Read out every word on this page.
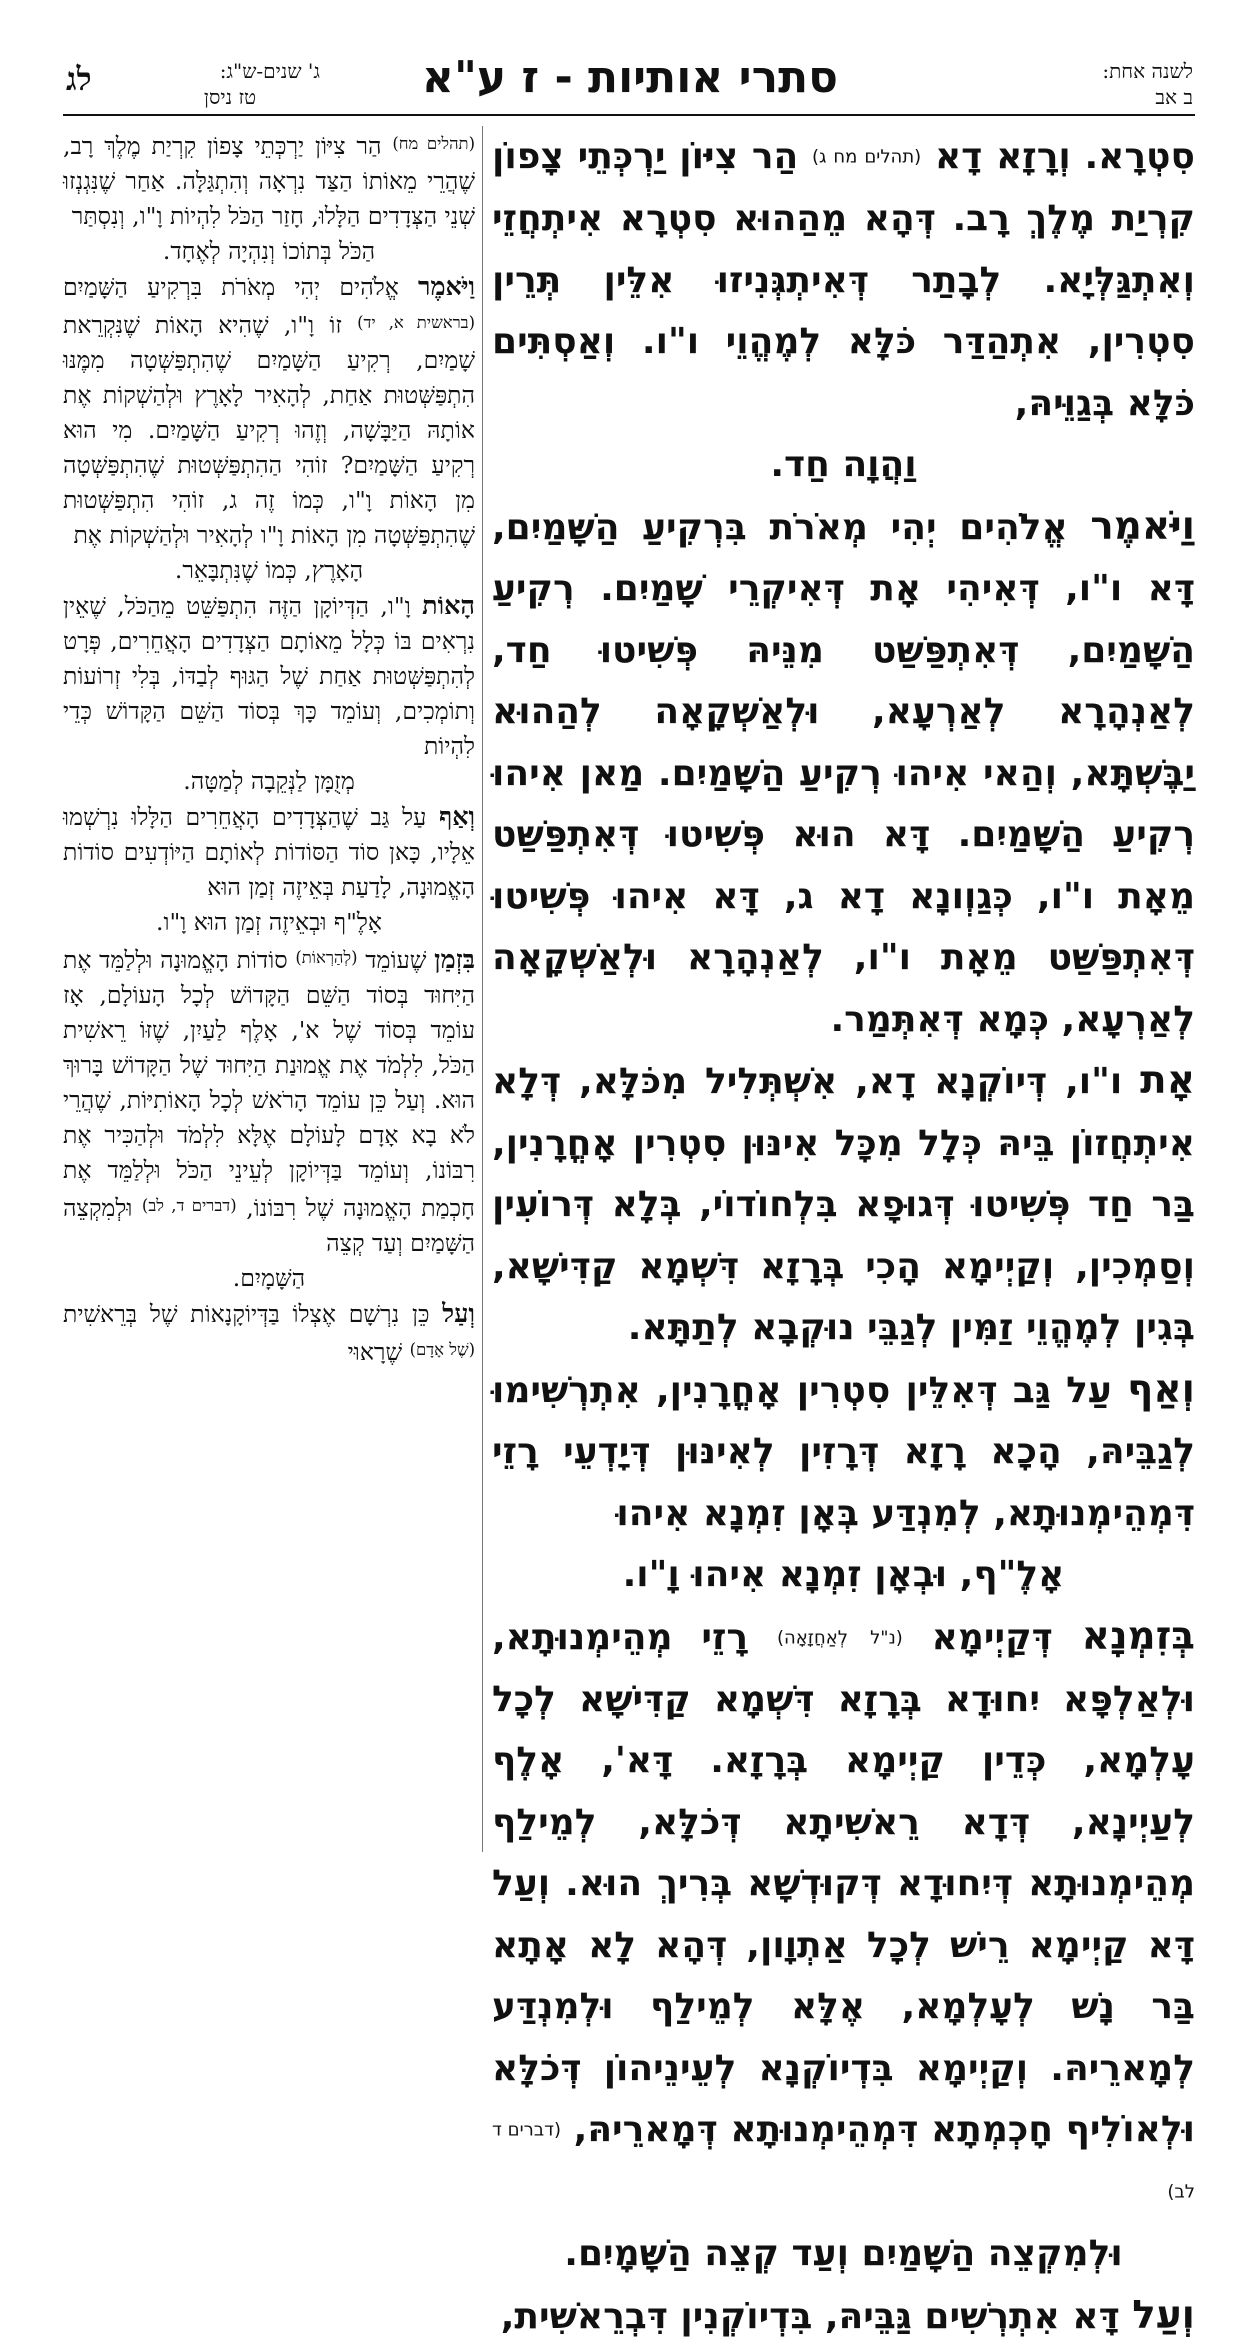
לשנה אחת:
ב אב
סתרי אותיות - ז ע"א
ג' שנים-ש"ג:

טז ניסן
לג

סִטְרָא. וְרָזָא דָא (תהלים מח ג) הַר צִיּוֹן יַרְכְּתֵי צָפוֹן קִרְיַת מֶלֶךְ רָב. דְּהָא מֵהַהוּא סִטְרָא אִיתְחֲזֵי וְאִתְגַּלְּיָא. לְבָתַר דְּאִיתְגְּנִיזוּ אִלֵּין תְּרֵין סִטְרִין, אִתְהַדַּר כֹּלָּא לְמֶהֱוֵי ו"ו. וְאַסְתִּים כֹּלָּא בְּגַוֵּיהּ,

וַהֲוָה חַד.

וַיֹּאמֶר אֱלֹהִים יְהִי מְאֹרֹת בִּרְקִיעַ הַשָּׁמַיִם, דָּא ו"ו, דְּאִיהִי אָת דְּאִיקְרֵי שָׁמַיִם. רְקִיעַ הַשָּׁמַיִם, דְּאִתְפַּשַּׁט מִנֵּיהּ פְּשִׁיטוּ חַד, לְאַנְהָרָא לְאַרְעָא, וּלְאַשְׁקָאָה לְהַהוּא יַבֶּשְׁתָּא, וְהַאי אִיהוּ רְקִיעַ הַשָּׁמַיִם. מַאן אִיהוּ רְקִיעַ הַשָּׁמַיִם. דָּא הוּא פְּשִׁיטוּ דְּאִתְפַּשַּׁט מֵאָת ו"ו, כְּגַוְונָא דָא ג, דָּא אִיהוּ פְּשִׁיטוּ דְּאִתְפַּשַּׁט מֵאָת ו"ו, לְאַנְהָרָא וּלְאַשְׁקָאָה לְאַרְעָא, כְּמָא דְּאִתְּמַר.

אָת ו"ו, דְּיוֹקְנָא דָא, אִשְׁתְּלִיל מִכֹּלָּא, דְּלָא אִיתְחֲזוֹן בֵּיהּ כְּלָל מִכָּל אִינּוּן סִטְרִין אָחֳרָנִין, בַּר חַד פְּשִׁיטוּ דְּגוּפָא בִּלְחוֹדוֹי, בְּלָא דְּרוֹעִין וְסַמְכִין, וְקַיְימָא הָכִי בְּרָזָא דִּשְׁמָא קַדִּישָׁא, בְּגִין לְמֶהֱוֵי זַמִּין לְגַבֵּי נוּקְבָא לְתַתָּא.

וְאַף עַל גַּב דְּאִלֵּין סִטְרִין אָחֳרָנִין, אִתְרְשִׁימוּ לְגַבֵּיהּ, הָכָא רָזָא דְּרָזִין לְאִינּוּן דְּיָדְעֵי רָזֵי דִּמְהֵימְנוּתָא, לְמִנְדַּע בְּאָן זִמְנָא אִיהוּ

אָלֶ"ף, וּבְאָן זִמְנָא אִיהוּ וָ"ו.

בְּזִמְנָא דְּקַיְימָא (נ"ל לְאַחֲזָאָה) רָזֵי מְהֵימְנוּתָא, וּלְאַלְפָּא יִחוּדָא בְּרָזָא דִּשְׁמָא קַדִּישָׁא לְכָל עָלְמָא, כְּדֵין קַיְימָא בְּרָזָא. דָּא', אָלֶף לְעַיְינָא, דְּדָא רֵאשִׁיתָא דְּכֹלָּא, לְמֵילַף מְהֵימְנוּתָא דְּיִחוּדָא דְּקוּדְשָׁא בְּרִיךְ הוּא. וְעַל דָּא קַיְימָא רֵישׁ לְכָל אַתְוָון, דְּהָא לָא אָתָא בַּר נָשׁ לְעָלְמָא, אֶלָּא לְמֵילַף וּלְמִנְדַּע לְמָארֵיהּ. וְקַיְימָא בִּדְיוֹקְנָא לְעֵינֵיהוֹן דְּכֹלָּא וּלְאוֹלִיף חָכְמְתָא דִּמְהֵימְנוּתָא דְּמָארֵיהּ, (דברים ד לב)

וּלְמִקְצֵה הַשָּׁמַיִם וְעַד קְצֵה הַשָּׁמָיִם.

וְעַל דָּא אִתְרְשִׁים גַּבֵּיהּ, בִּדְיוֹקְנִין דִּבְרֵאשִׁית,

$^{(תהלים מח)}$ הַר צִיּוֹן יַרְכְּתֵי צָפוֹן קִרְיַת מֶלֶךְ רָב, שֶׁהֲרֵי מֵאוֹתוֹ הַצַּד נִרְאָה וְהִתְגַּלָּה. אַחַר שֶׁנִּגְנְזוּ שְׁנֵי הַצְּדָדִים הַלָּלוּ, חָזַר הַכֹּל לִהְיוֹת וָ"ו, וְנִסְתַּר

הַכֹּל בְּתוֹכוֹ וְנִהְיָה לְאֶחָד.

וַיֹּאמֶר אֱלֹהִים יְהִי מְאֹרֹת בִּרְקִיעַ הַשָּׁמַיִם $^{(בראשית א, יד)}$ זוֹ וָ"ו, שֶׁהִיא הָאוֹת שֶׁנִּקְרֵאת שָׁמַיִם, רְקִיעַ הַשָּׁמַיִם שֶׁהִתְפַּשְּׁטָה מִמֶּנּוּ הִתְפַּשְּׁטוּת אַחַת, לְהָאִיר לָאָרֶץ וּלְהַשְׁקוֹת אֶת אוֹתָהּ הַיַּבָּשָׁה, וְזֶהוּ רְקִיעַ הַשָּׁמַיִם. מִי הוּא רְקִיעַ הַשָּׁמַיִם? זוֹהִי הַהִתְפַּשְּׁטוּת שֶׁהִתְפַּשְּׁטָה מִן הָאוֹת וָ"ו, כְּמוֹ זֶה ג, זוֹהִי הִתְפַּשְּׁטוּת שֶׁהִתְפַּשְּׁטָה מִן הָאוֹת וָ"ו לְהָאִיר וּלְהַשְׁקוֹת אֶת

הָאָרֶץ, כְּמוֹ שֶׁנִּתְבָּאֵר.

הָאוֹת וָ"ו, הַדְּיוֹקָן הַזֶּה הִתְפַּשֵּׁט מֵהַכֹּל, שֶׁאֵין נִרְאִים בּוֹ כְּלָל מֵאוֹתָם הַצְּדָדִים הָאֲחֵרִים, פְּרָט לְהִתְפַּשְּׁטוּת אַחַת שֶׁל הַגּוּף לְבַדּוֹ, בְּלִי זְרוֹעוֹת וְתוֹמְכִים, וְעוֹמֵד כָּךְ בְּסוֹד הַשֵּׁם הַקָּדוֹשׁ כְּדֵי לִהְיוֹת

מְזֻמָּן לַנְּקֵבָה לְמַטָּה.

וְאַף עַל גַּב שֶׁהַצְּדָדִים הָאֲחֵרִים הַלָּלוּ נִרְשְׁמוּ אֵלָיו, כָּאן סוֹד הַסּוֹדוֹת לְאוֹתָם הַיּוֹדְעִים סוֹדוֹת הָאֱמוּנָה, לָדַעַת בְּאֵיזֶה זְמַן הוּא

אָלֶ"ף וּבְאֵיזֶה זְמַן הוּא וָ"ו.

בִּזְמַן שֶׁעוֹמֵד $^{(לְהַרְאוֹת)}$ סוֹדוֹת הָאֱמוּנָה וּלְלַמֵּד אֶת הַיִּחוּד בְּסוֹד הַשֵּׁם הַקָּדוֹשׁ לְכָל הָעוֹלָם, אָז עוֹמֵד בְּסוֹד שֶׁל א', אָלֶף לַעַיִן, שֶׁזּוֹ רֵאשִׁית הַכֹּל, לִלְמֹד אֶת אֱמוּנַת הַיִּחוּד שֶׁל הַקָּדוֹשׁ בָּרוּךְ הוּא. וְעַל כֵּן עוֹמֵד הָרֹאשׁ לְכָל הָאוֹתִיּוֹת, שֶׁהֲרֵי לֹא בָא אָדָם לָעוֹלָם אֶלָּא לִלְמֹד וּלְהַכִּיר אֶת רִבּוֹנוֹ, וְעוֹמֵד בַּדְּיוֹקָן לְעֵינֵי הַכֹּל וּלְלַמֵּד אֶת חָכְמַת הָאֱמוּנָה שֶׁל רִבּוֹנוֹ, $^{(דברים ד, לב)}$ וּלְמִקְצֵה הַשָּׁמַיִם וְעַד קְצֵה

הַשָּׁמָיִם.

וְעַל כֵּן נִרְשָׁם אֶצְלוֹ בַּדְּיוֹקָנָאוֹת שֶׁל בְּרֵאשִׁית $^{(שֶׁל אָדָם)}$ שֶׁרָאוּי
